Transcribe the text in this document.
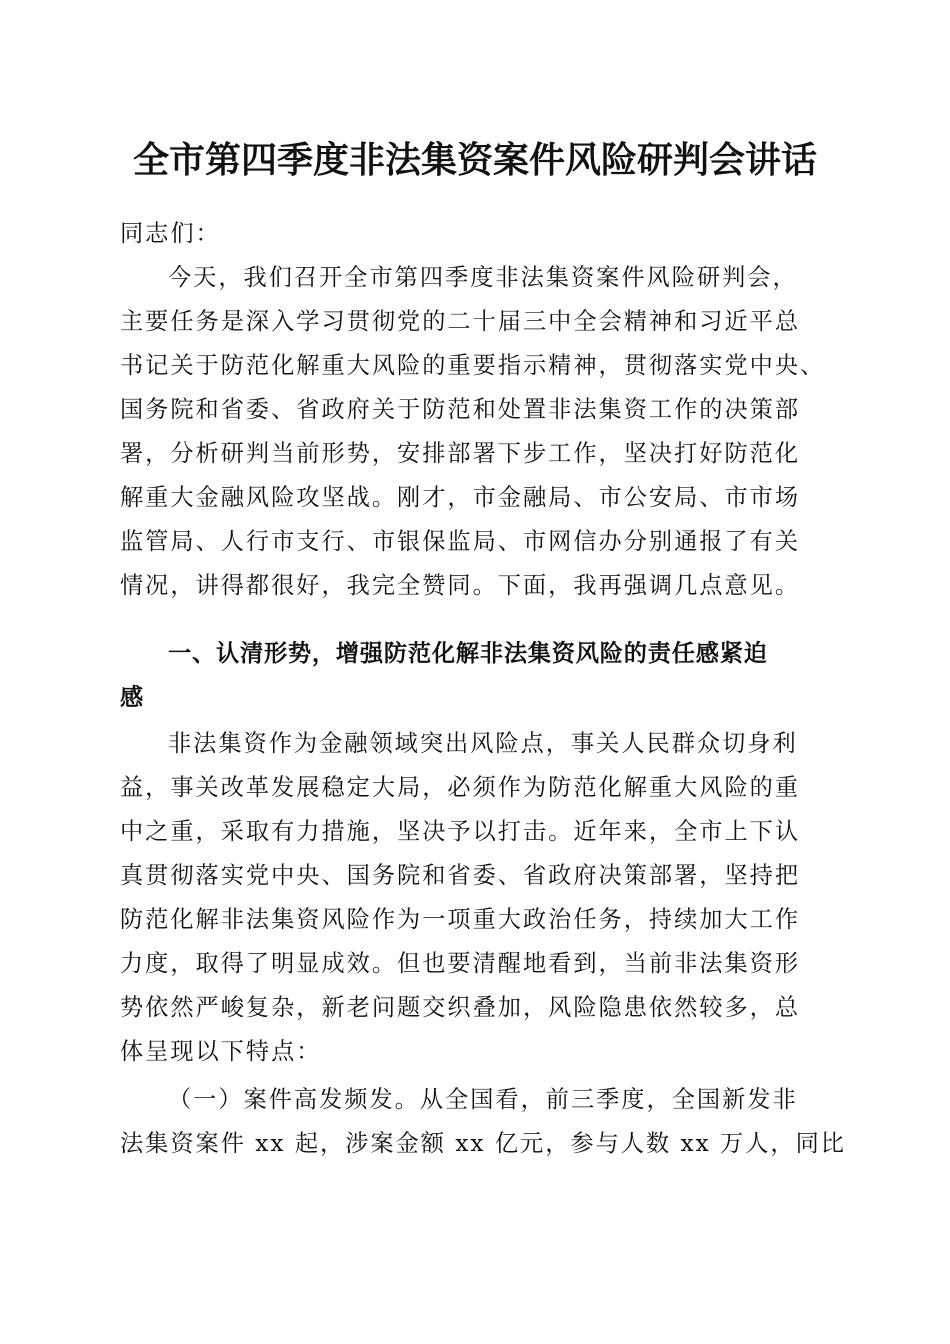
全市第四季度非法集资案件风险研判会讲话

同志们：

今天，我们召开全市第四季度非法集资案件风险研判会，

主要任务是深入学习贯彻党的二十届三中全会精神和习近平总

书记关于防范化解重大风险的重要指示精神，贯彻落实党中央、

国务院和省委、省政府关于防范和处置非法集资工作的决策部

署，分析研判当前形势，安排部署下步工作，坚决打好防范化

解重大金融风险攻坚战。刚才，市金融局、市公安局、市市场

监管局、人行市支行、市银保监局、市网信办分别通报了有关

情况，讲得都很好，我完全赞同。下面，我再强调几点意见。

一、认清形势，增强防范化解非法集资风险的责任感紧迫

感

非法集资作为金融领域突出风险点，事关人民群众切身利

益，事关改革发展稳定大局，必须作为防范化解重大风险的重

中之重，采取有力措施，坚决予以打击。近年来，全市上下认

真贯彻落实党中央、国务院和省委、省政府决策部署，坚持把

防范化解非法集资风险作为一项重大政治任务，持续加大工作

力度，取得了明显成效。但也要清醒地看到，当前非法集资形

势依然严峻复杂，新老问题交织叠加，风险隐患依然较多，总

体呈现以下特点：

（一）案件高发频发。从全国看，前三季度，全国新发非

法集资案件 xx 起，涉案金额 xx 亿元，参与人数 xx 万人，同比
